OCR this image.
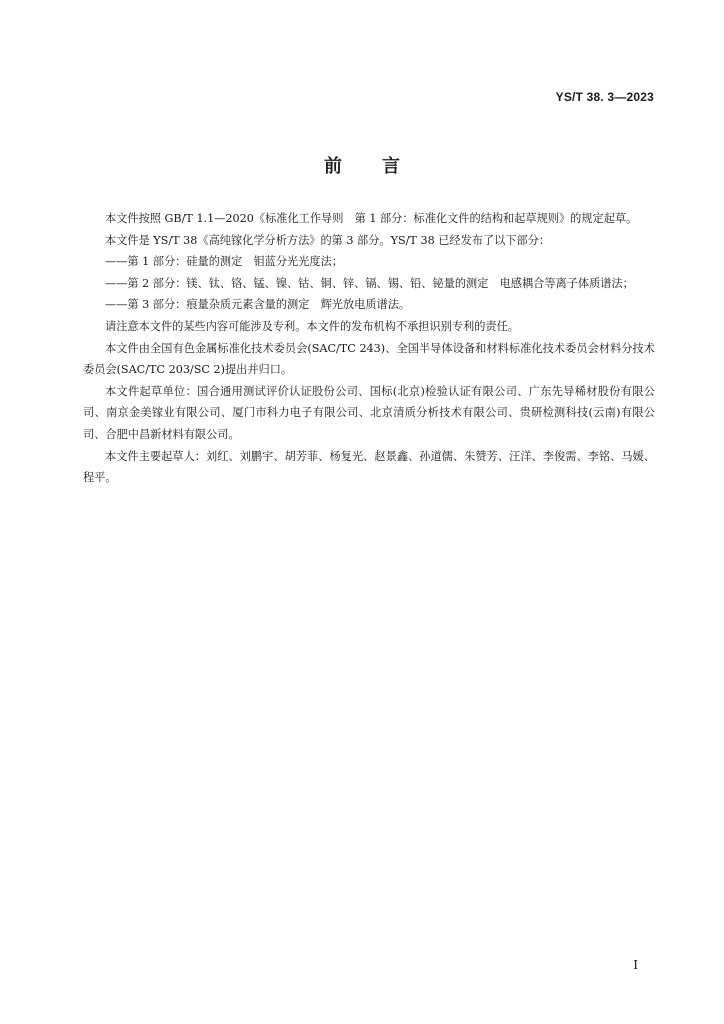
YS/T 38. 3—2023
前言

本文件按照 GB/T 1.1—2020《标准化工作导则　第 1 部分：标准化文件的结构和起草规则》的规定起草。

本文件是 YS/T 38《高纯镓化学分析方法》的第 3 部分。YS/T 38 已经发布了以下部分：

——第 1 部分：硅量的测定　钼蓝分光光度法；

——第 2 部分：镁、钛、铬、锰、镍、钴、铜、锌、镉、锡、铅、铋量的测定　电感耦合等离子体质谱法；

——第 3 部分：痕量杂质元素含量的测定　辉光放电质谱法。

请注意本文件的某些内容可能涉及专利。本文件的发布机构不承担识别专利的责任。

本文件由全国有色金属标准化技术委员会(SAC/TC 243)、全国半导体设备和材料标准化技术委员会材料分技术委员会(SAC/TC 203/SC 2)提出并归口。

本文件起草单位：国合通用测试评价认证股份公司、国标(北京)检验认证有限公司、广东先导稀材股份有限公司、南京金美镓业有限公司、厦门市科力电子有限公司、北京清质分析技术有限公司、贵研检测科技(云南)有限公司、合肥中昌新材料有限公司。

本文件主要起草人：刘红、刘鹏宇、胡芳菲、杨复光、赵景鑫、孙道儒、朱赞芳、汪洋、李俊需、李铭、马媛、程平。

I
